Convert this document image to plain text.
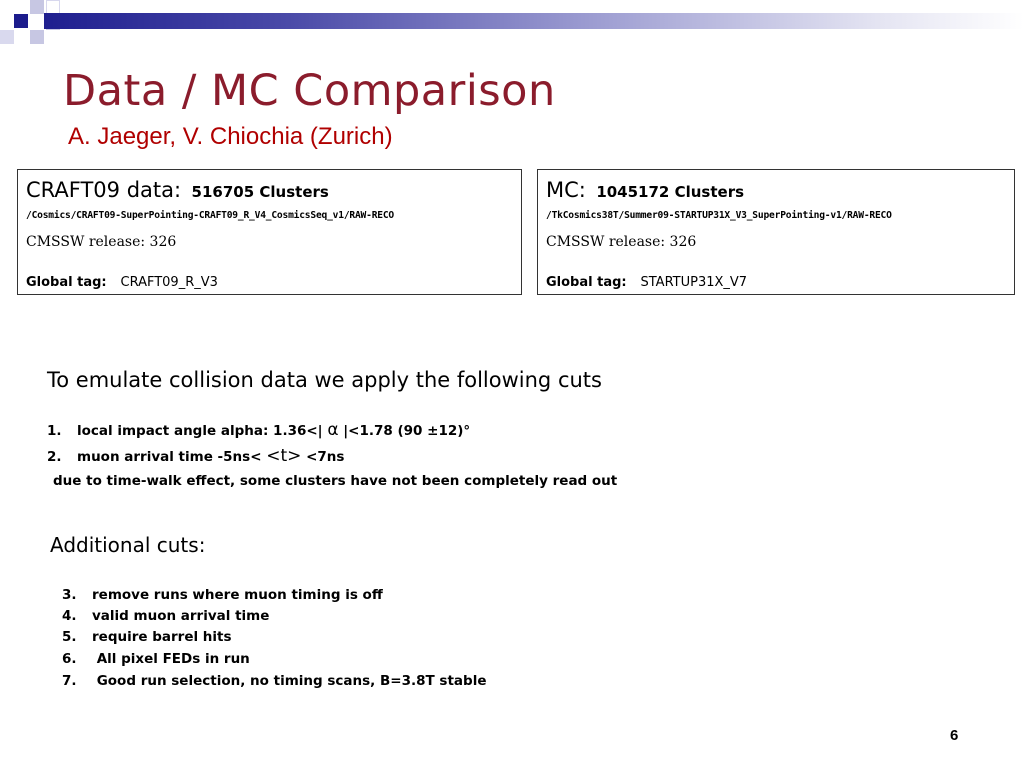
Data / MC Comparison
A. Jaeger, V. Chiochia (Zurich)
CRAFT09 data: 516705 Clusters
/Cosmics/CRAFT09-SuperPointing-CRAFT09_R_V4_CosmicsSeq_v1/RAW-RECO
CMSSW release: 326
Global tag: CRAFT09_R_V3
MC: 1045172 Clusters
/TkCosmics38T/Summer09-STARTUP31X_V3_SuperPointing-v1/RAW-RECO
CMSSW release: 326
Global tag: STARTUP31X_V7
To emulate collision data we apply the following cuts
1. local impact angle alpha: 1.36<| α |<1.78 (90 ±12)°
2. muon arrival time -5ns< <t> <7ns
due to time-walk effect, some clusters have not been completely read out
Additional cuts:
3. remove runs where muon timing is off
4. valid muon arrival time
5. require barrel hits
6. All pixel FEDs in run
7. Good run selection, no timing scans, B=3.8T stable
6
